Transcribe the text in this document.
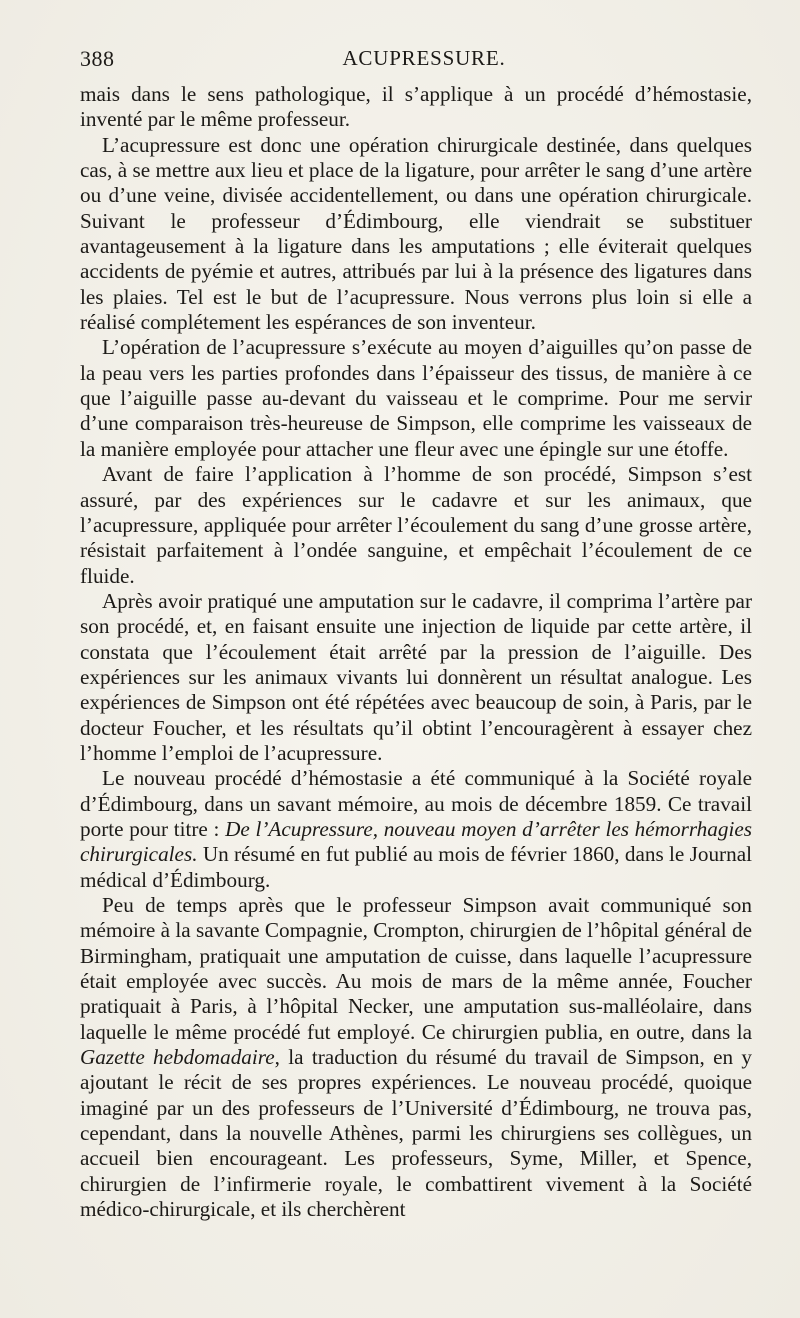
388	ACUPRESSURE.

mais dans le sens pathologique, il s’applique à un procédé d’hémostasie, inventé par le même professeur.

L’acupressure est donc une opération chirurgicale destinée, dans quelques cas, à se mettre aux lieu et place de la ligature, pour arrêter le sang d’une artère ou d’une veine, divisée accidentellement, ou dans une opération chirurgicale. Suivant le professeur d’Édimbourg, elle viendrait se substituer avantageusement à la ligature dans les amputations ; elle éviterait quelques accidents de pyémie et autres, attribués par lui à la présence des ligatures dans les plaies. Tel est le but de l’acupressure. Nous verrons plus loin si elle a réalisé complétement les espérances de son inventeur.

L’opération de l’acupressure s’exécute au moyen d’aiguilles qu’on passe de la peau vers les parties profondes dans l’épaisseur des tissus, de manière à ce que l’aiguille passe au-devant du vaisseau et le comprime. Pour me servir d’une comparaison très-heureuse de Simpson, elle comprime les vaisseaux de la manière employée pour attacher une fleur avec une épingle sur une étoffe.

Avant de faire l’application à l’homme de son procédé, Simpson s’est assuré, par des expériences sur le cadavre et sur les animaux, que l’acupressure, appliquée pour arrêter l’écoulement du sang d’une grosse artère, résistait parfaitement à l’ondée sanguine, et empêchait l’écoulement de ce fluide.

Après avoir pratiqué une amputation sur le cadavre, il comprima l’artère par son procédé, et, en faisant ensuite une injection de liquide par cette artère, il constata que l’écoulement était arrêté par la pression de l’aiguille. Des expériences sur les animaux vivants lui donnèrent un résultat analogue. Les expériences de Simpson ont été répétées avec beaucoup de soin, à Paris, par le docteur Foucher, et les résultats qu’il obtint l’encouragèrent à essayer chez l’homme l’emploi de l’acupressure.

Le nouveau procédé d’hémostasie a été communiqué à la Société royale d’Édimbourg, dans un savant mémoire, au mois de décembre 1859. Ce travail porte pour titre : De l’Acupressure, nouveau moyen d’arrêter les hémorrhagies chirurgicales. Un résumé en fut publié au mois de février 1860, dans le Journal médical d’Édimbourg.

Peu de temps après que le professeur Simpson avait communiqué son mémoire à la savante Compagnie, Crompton, chirurgien de l’hôpital général de Birmingham, pratiquait une amputation de cuisse, dans laquelle l’acupressure était employée avec succès. Au mois de mars de la même année, Foucher pratiquait à Paris, à l’hôpital Necker, une amputation sus-malléolaire, dans laquelle le même procédé fut employé. Ce chirurgien publia, en outre, dans la Gazette hebdomadaire, la traduction du résumé du travail de Simpson, en y ajoutant le récit de ses propres expériences. Le nouveau procédé, quoique imaginé par un des professeurs de l’Université d’Édimbourg, ne trouva pas, cependant, dans la nouvelle Athènes, parmi les chirurgiens ses collègues, un accueil bien encourageant. Les professeurs, Syme, Miller, et Spence, chirurgien de l’infirmerie royale, le combattirent vivement à la Société médico-chirurgicale, et ils cherchèrent
